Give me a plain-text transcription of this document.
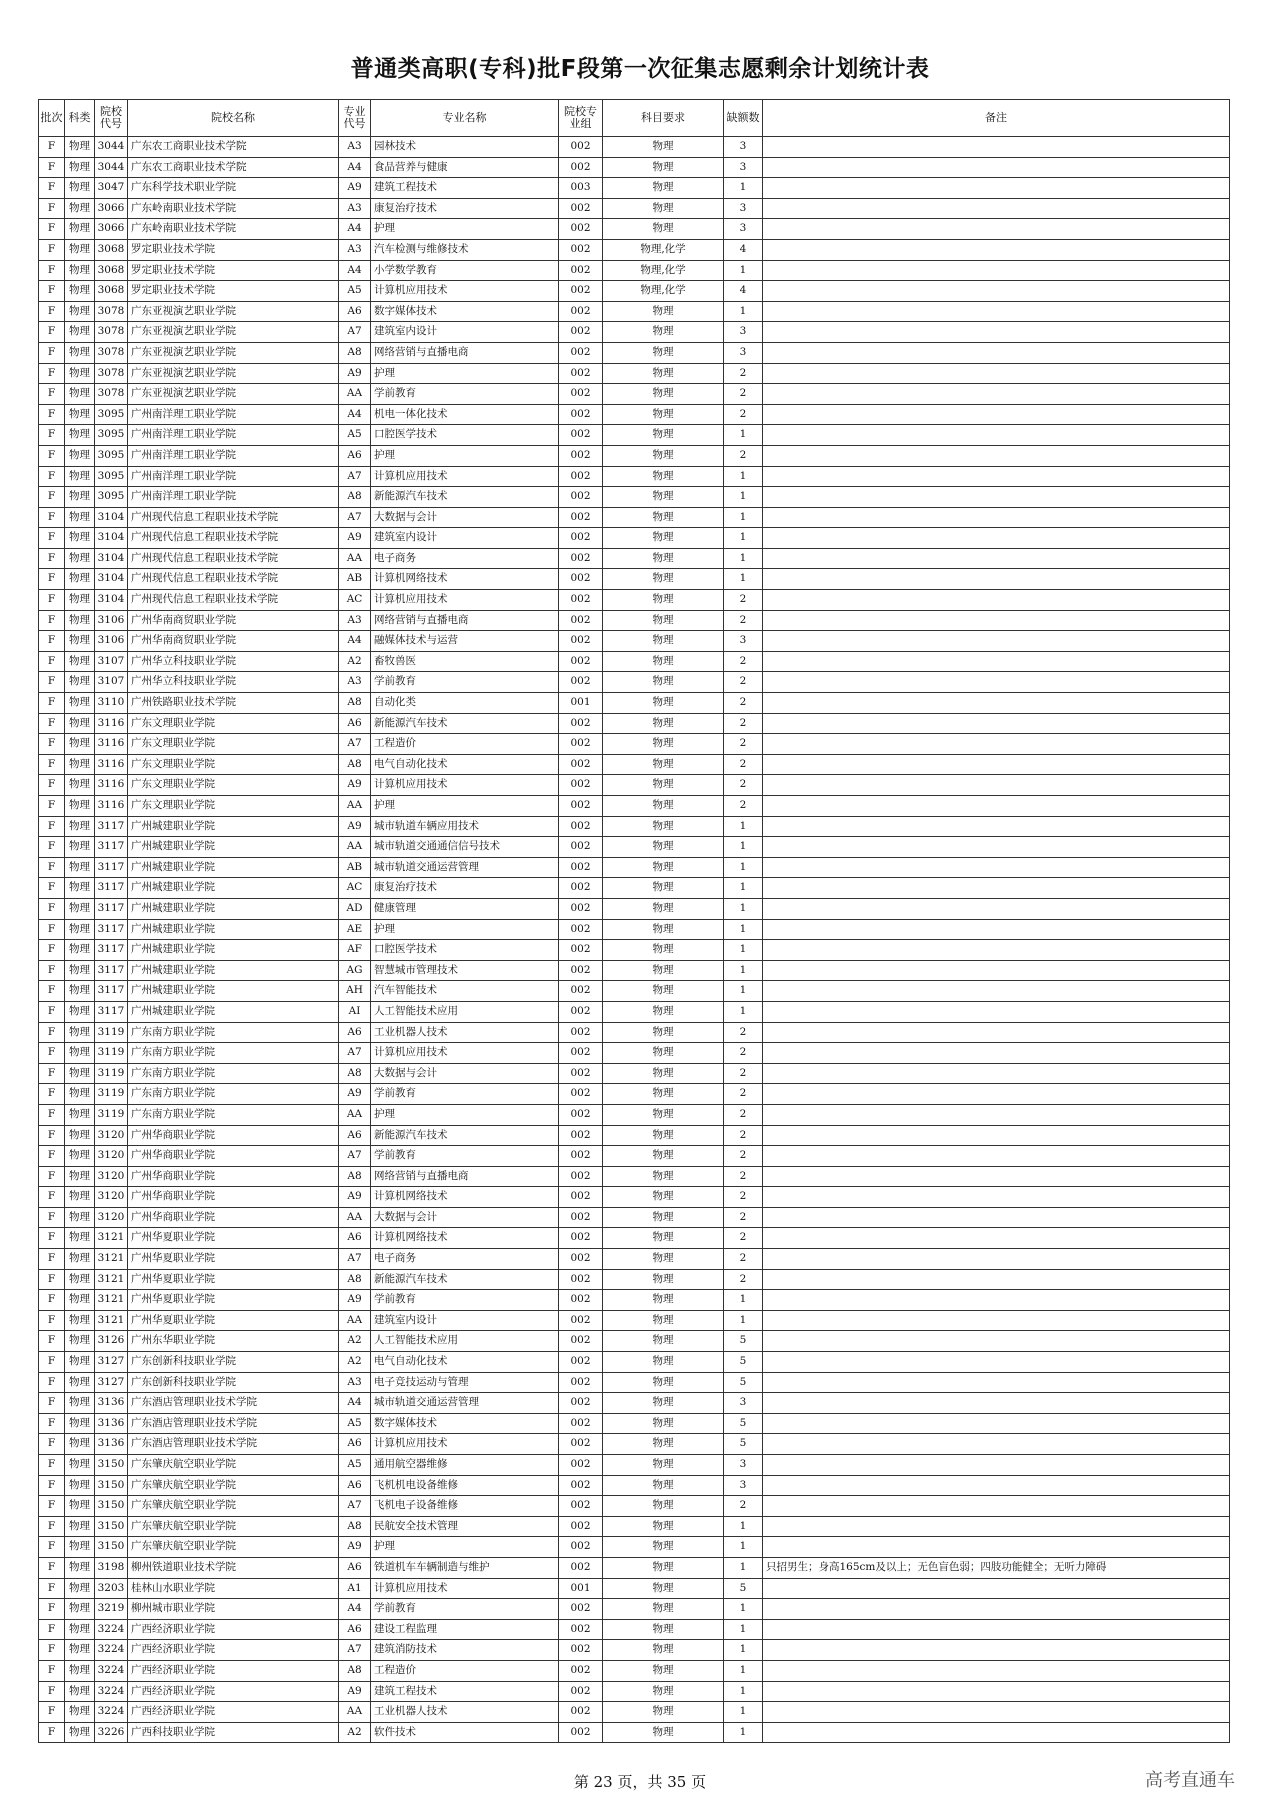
普通类高职(专科)批F段第一次征集志愿剩余计划统计表
批次	科类	院校代号	院校名称	专业代号	专业名称	院校专业组	科目要求	缺额数	备注
F	物理	3044	广东农工商职业技术学院	A3	园林技术	002	物理	3	
F	物理	3044	广东农工商职业技术学院	A4	食品营养与健康	002	物理	3	
F	物理	3047	广东科学技术职业学院	A9	建筑工程技术	003	物理	1	
F	物理	3066	广东岭南职业技术学院	A3	康复治疗技术	002	物理	3	
F	物理	3066	广东岭南职业技术学院	A4	护理	002	物理	3	
F	物理	3068	罗定职业技术学院	A3	汽车检测与维修技术	002	物理,化学	4	
F	物理	3068	罗定职业技术学院	A4	小学数学教育	002	物理,化学	1	
F	物理	3068	罗定职业技术学院	A5	计算机应用技术	002	物理,化学	4	
F	物理	3078	广东亚视演艺职业学院	A6	数字媒体技术	002	物理	1	
F	物理	3078	广东亚视演艺职业学院	A7	建筑室内设计	002	物理	3	
F	物理	3078	广东亚视演艺职业学院	A8	网络营销与直播电商	002	物理	3	
F	物理	3078	广东亚视演艺职业学院	A9	护理	002	物理	2	
F	物理	3078	广东亚视演艺职业学院	AA	学前教育	002	物理	2	
F	物理	3095	广州南洋理工职业学院	A4	机电一体化技术	002	物理	2	
F	物理	3095	广州南洋理工职业学院	A5	口腔医学技术	002	物理	1	
F	物理	3095	广州南洋理工职业学院	A6	护理	002	物理	2	
F	物理	3095	广州南洋理工职业学院	A7	计算机应用技术	002	物理	1	
F	物理	3095	广州南洋理工职业学院	A8	新能源汽车技术	002	物理	1	
F	物理	3104	广州现代信息工程职业技术学院	A7	大数据与会计	002	物理	1	
F	物理	3104	广州现代信息工程职业技术学院	A9	建筑室内设计	002	物理	1	
F	物理	3104	广州现代信息工程职业技术学院	AA	电子商务	002	物理	1	
F	物理	3104	广州现代信息工程职业技术学院	AB	计算机网络技术	002	物理	1	
F	物理	3104	广州现代信息工程职业技术学院	AC	计算机应用技术	002	物理	2	
F	物理	3106	广州华南商贸职业学院	A3	网络营销与直播电商	002	物理	2	
F	物理	3106	广州华南商贸职业学院	A4	融媒体技术与运营	002	物理	3	
F	物理	3107	广州华立科技职业学院	A2	畜牧兽医	002	物理	2	
F	物理	3107	广州华立科技职业学院	A3	学前教育	002	物理	2	
F	物理	3110	广州铁路职业技术学院	A8	自动化类	001	物理	2	
F	物理	3116	广东文理职业学院	A6	新能源汽车技术	002	物理	2	
F	物理	3116	广东文理职业学院	A7	工程造价	002	物理	2	
F	物理	3116	广东文理职业学院	A8	电气自动化技术	002	物理	2	
F	物理	3116	广东文理职业学院	A9	计算机应用技术	002	物理	2	
F	物理	3116	广东文理职业学院	AA	护理	002	物理	2	
F	物理	3117	广州城建职业学院	A9	城市轨道车辆应用技术	002	物理	1	
F	物理	3117	广州城建职业学院	AA	城市轨道交通通信信号技术	002	物理	1	
F	物理	3117	广州城建职业学院	AB	城市轨道交通运营管理	002	物理	1	
F	物理	3117	广州城建职业学院	AC	康复治疗技术	002	物理	1	
F	物理	3117	广州城建职业学院	AD	健康管理	002	物理	1	
F	物理	3117	广州城建职业学院	AE	护理	002	物理	1	
F	物理	3117	广州城建职业学院	AF	口腔医学技术	002	物理	1	
F	物理	3117	广州城建职业学院	AG	智慧城市管理技术	002	物理	1	
F	物理	3117	广州城建职业学院	AH	汽车智能技术	002	物理	1	
F	物理	3117	广州城建职业学院	AI	人工智能技术应用	002	物理	1	
F	物理	3119	广东南方职业学院	A6	工业机器人技术	002	物理	2	
F	物理	3119	广东南方职业学院	A7	计算机应用技术	002	物理	2	
F	物理	3119	广东南方职业学院	A8	大数据与会计	002	物理	2	
F	物理	3119	广东南方职业学院	A9	学前教育	002	物理	2	
F	物理	3119	广东南方职业学院	AA	护理	002	物理	2	
F	物理	3120	广州华商职业学院	A6	新能源汽车技术	002	物理	2	
F	物理	3120	广州华商职业学院	A7	学前教育	002	物理	2	
F	物理	3120	广州华商职业学院	A8	网络营销与直播电商	002	物理	2	
F	物理	3120	广州华商职业学院	A9	计算机网络技术	002	物理	2	
F	物理	3120	广州华商职业学院	AA	大数据与会计	002	物理	2	
F	物理	3121	广州华夏职业学院	A6	计算机网络技术	002	物理	2	
F	物理	3121	广州华夏职业学院	A7	电子商务	002	物理	2	
F	物理	3121	广州华夏职业学院	A8	新能源汽车技术	002	物理	2	
F	物理	3121	广州华夏职业学院	A9	学前教育	002	物理	1	
F	物理	3121	广州华夏职业学院	AA	建筑室内设计	002	物理	1	
F	物理	3126	广州东华职业学院	A2	人工智能技术应用	002	物理	5	
F	物理	3127	广东创新科技职业学院	A2	电气自动化技术	002	物理	5	
F	物理	3127	广东创新科技职业学院	A3	电子竞技运动与管理	002	物理	5	
F	物理	3136	广东酒店管理职业技术学院	A4	城市轨道交通运营管理	002	物理	3	
F	物理	3136	广东酒店管理职业技术学院	A5	数字媒体技术	002	物理	5	
F	物理	3136	广东酒店管理职业技术学院	A6	计算机应用技术	002	物理	5	
F	物理	3150	广东肇庆航空职业学院	A5	通用航空器维修	002	物理	3	
F	物理	3150	广东肇庆航空职业学院	A6	飞机机电设备维修	002	物理	3	
F	物理	3150	广东肇庆航空职业学院	A7	飞机电子设备维修	002	物理	2	
F	物理	3150	广东肇庆航空职业学院	A8	民航安全技术管理	002	物理	1	
F	物理	3150	广东肇庆航空职业学院	A9	护理	002	物理	1	
F	物理	3198	柳州铁道职业技术学院	A6	铁道机车车辆制造与维护	002	物理	1	只招男生；身高165cm及以上；无色盲色弱；四肢功能健全；无听力障碍
F	物理	3203	桂林山水职业学院	A1	计算机应用技术	001	物理	5	
F	物理	3219	柳州城市职业学院	A4	学前教育	002	物理	1	
F	物理	3224	广西经济职业学院	A6	建设工程监理	002	物理	1	
F	物理	3224	广西经济职业学院	A7	建筑消防技术	002	物理	1	
F	物理	3224	广西经济职业学院	A8	工程造价	002	物理	1	
F	物理	3224	广西经济职业学院	A9	建筑工程技术	002	物理	1	
F	物理	3224	广西经济职业学院	AA	工业机器人技术	002	物理	1	
F	物理	3226	广西科技职业学院	A2	软件技术	002	物理	1	
第 23 页，共 35 页	高考直通车
